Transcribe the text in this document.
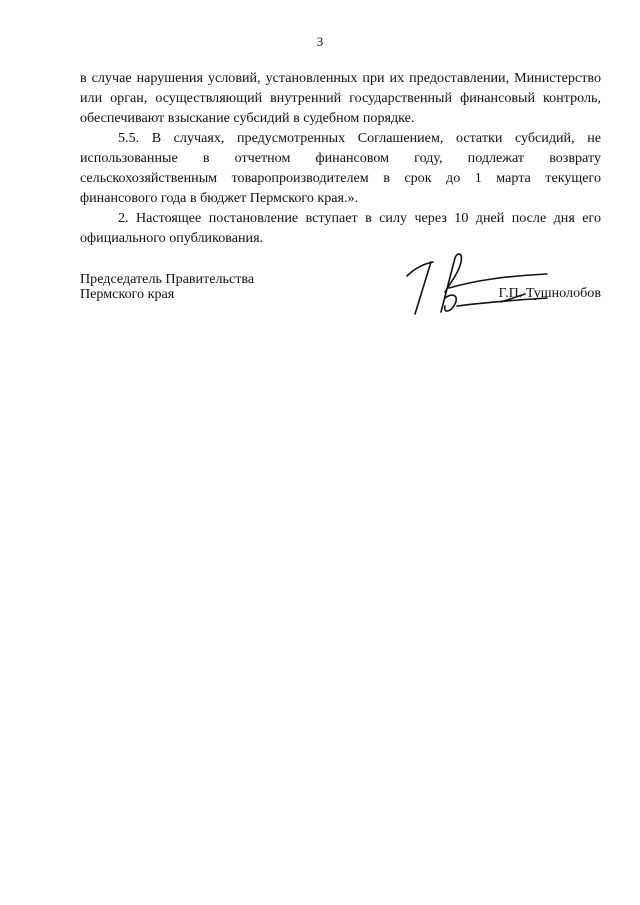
3

в случае нарушения условий, установленных при их предоставлении, Министерство или орган, осуществляющий внутренний государственный финансовый контроль, обеспечивают взыскание субсидий в судебном порядке.

5.5. В случаях, предусмотренных Соглашением, остатки субсидий, не использованные в отчетном финансовом году, подлежат возврату сельскохозяйственным товаропроизводителем в срок до 1 марта текущего финансового года в бюджет Пермского края.».

2. Настоящее постановление вступает в силу через 10 дней после дня его официального опубликования.

Председатель Правительства
Пермского края	Г.П. Тушнолобов
